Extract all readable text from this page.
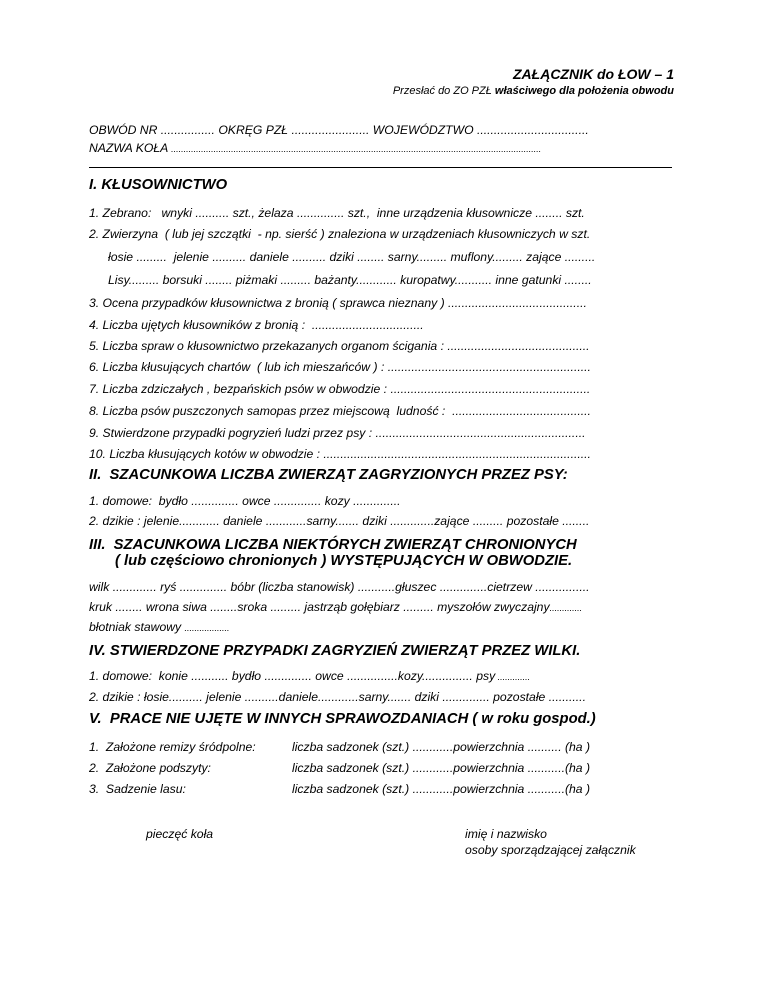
ZAŁĄCZNIK do ŁOW – 1
Przesłać do ZO PZŁ właściwego dla położenia obwodu
OBWÓD NR ................ OKRĘG PZŁ ....................... WOJEWÓDZTWO .................................
NAZWA KOŁA ....................................................................................................................................................
I. KŁUSOWNICTWO
1. Zebrano:   wnyki .......... szt., żelaza .............. szt.,  inne urządzenia kłusownicze ........ szt.
2. Zwierzyna  ( lub jej szczątki  - np. sierść ) znaleziona w urządzeniach kłusowniczych w szt.
łosie .........  jelenie .......... daniele .......... dziki ........ sarny......... muflony......... zające .........
Lisy......... borsuki ........ piżmaki ......... bażanty............ kuropatwy........... inne gatunki ........
3. Ocena przypadków kłusownictwa z bronią ( sprawca nieznany ) .........................................
4. Liczba ujętych kłusowników z bronią :  .................................
5. Liczba spraw o kłusownictwo przekazanych organom ścigania : ..........................................
6. Liczba kłusujących chartów  ( lub ich mieszańców ) : ............................................................
7. Liczba zdziczałych , bezpańskich psów w obwodzie : ...........................................................
8. Liczba psów puszczonych samopas przez miejscową  ludność :  .........................................
9. Stwierdzone przypadki pogryzień ludzi przez psy : ..............................................................
10. Liczba kłusujących kotów w obwodzie : ...............................................................................
II.  SZACUNKOWA LICZBA ZWIERZĄT ZAGRYZIONYCH PRZEZ PSY:
1. domowe:  bydło .............. owce .............. kozy ..............
2. dzikie : jelenie............ daniele ............sarny....... dziki .............zające ......... pozostałe ........
III.  SZACUNKOWA LICZBA NIEKTÓRYCH ZWIERZĄT CHRONIONYCH
( lub częściowo chronionych ) WYSTĘPUJĄCYCH W OBWODZIE.
wilk ............. ryś .............. bóbr (liczba stanowisk) ...........głuszec ..............cietrzew ................
kruk ........ wrona siwa ........sroka ......... jastrząb gołębiarz ......... myszołów zwyczajny.............
błotniak stawowy ..................
IV. STWIERDZONE PRZYPADKI ZAGRYZIEŃ ZWIERZĄT PRZEZ WILKI.
1. domowe:  konie ........... bydło .............. owce ...............kozy............... psy .............
2. dzikie : łosie.......... jelenie ..........daniele............sarny....... dziki .............. pozostałe ...........
V.  PRACE NIE UJĘTE W INNYCH SPRAWOZDANIACH ( w roku gospod.)
1.  Założone remizy śródpolne:	liczba sadzonek (szt.) ............powierzchnia .......... (ha )
2.  Założone podszyty:	liczba sadzonek (szt.) ............powierzchnia ...........(ha )
3.  Sadzenie lasu:	liczba sadzonek (szt.) ............powierzchnia ...........(ha )
pieczęć koła	imię i nazwisko
osoby sporządzającej załącznik
